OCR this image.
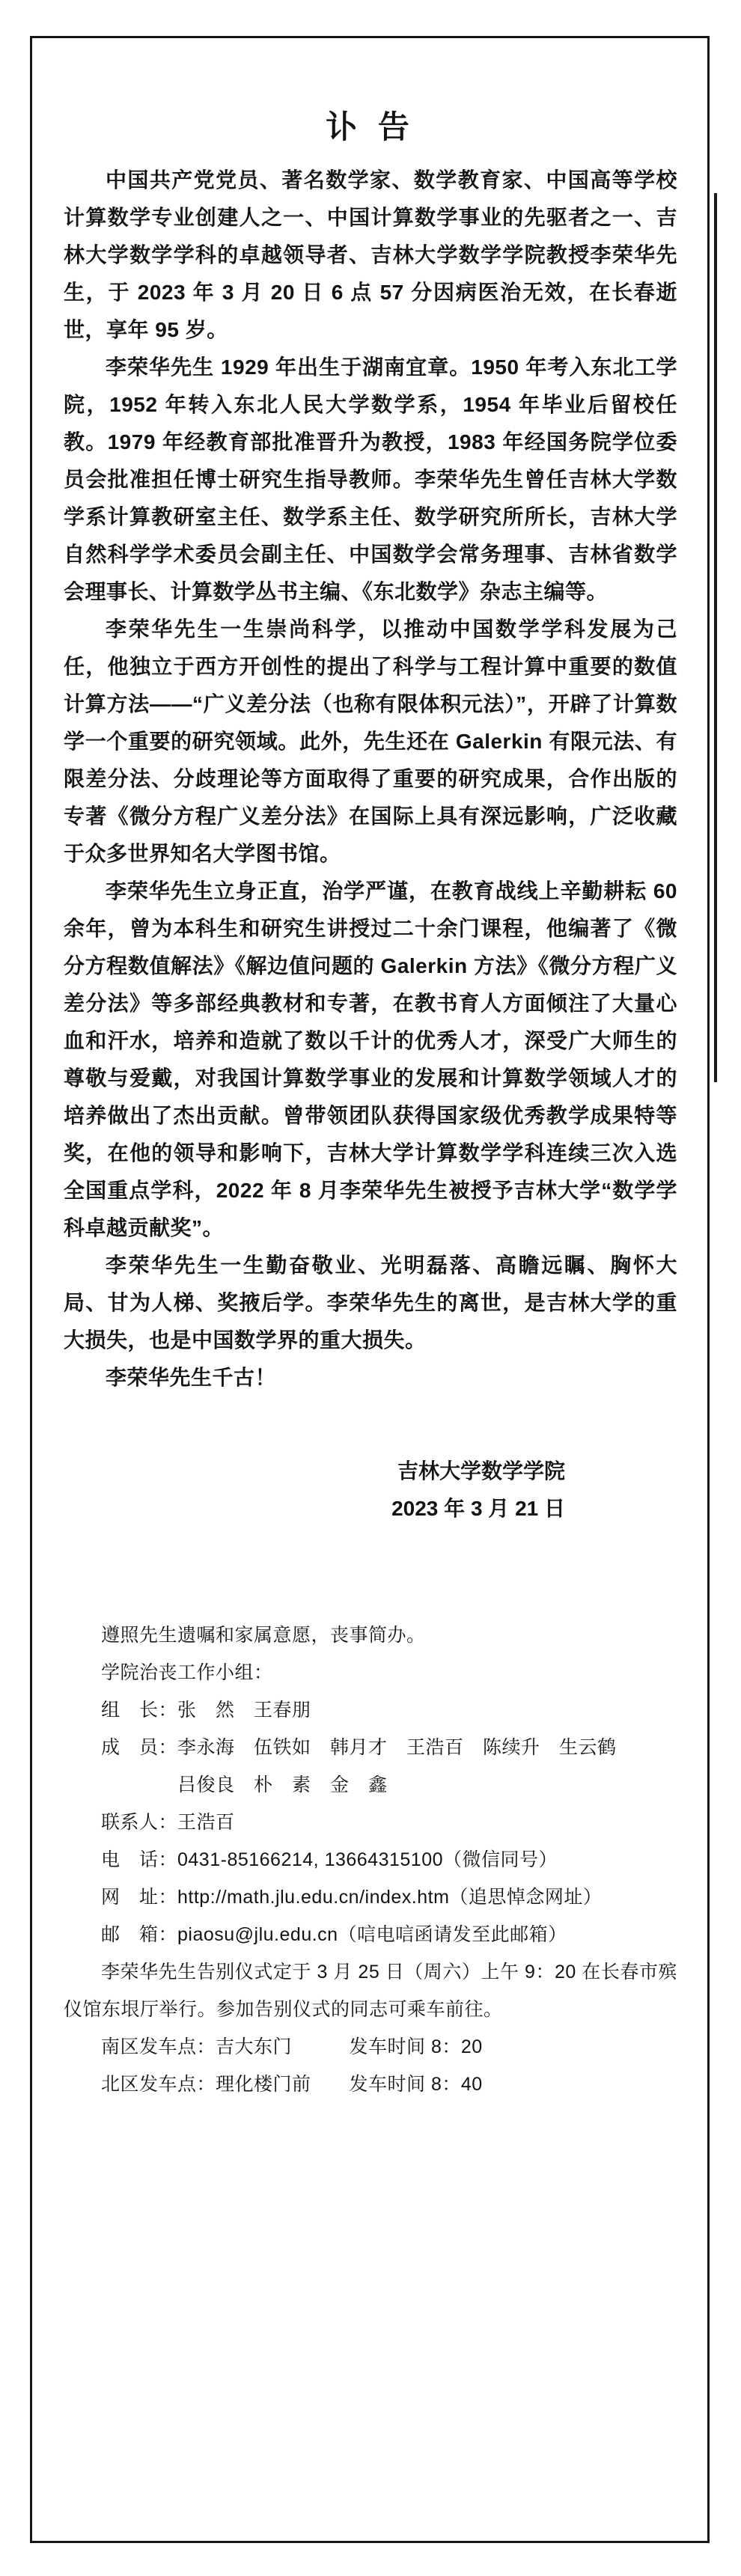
讣 告

中国共产党党员、著名数学家、数学教育家、中国高等学校计算数学专业创建人之一、中国计算数学事业的先驱者之一、吉林大学数学学科的卓越领导者、吉林大学数学学院教授李荣华先生，于 2023 年 3 月 20 日 6 点 57 分因病医治无效，在长春逝世，享年 95 岁。

李荣华先生 1929 年出生于湖南宜章。1950 年考入东北工学院，1952 年转入东北人民大学数学系，1954 年毕业后留校任教。1979 年经教育部批准晋升为教授，1983 年经国务院学位委员会批准担任博士研究生指导教师。李荣华先生曾任吉林大学数学系计算教研室主任、数学系主任、数学研究所所长，吉林大学自然科学学术委员会副主任、中国数学会常务理事、吉林省数学会理事长、计算数学丛书主编、《东北数学》杂志主编等。

李荣华先生一生崇尚科学，以推动中国数学学科发展为己任，他独立于西方开创性的提出了科学与工程计算中重要的数值计算方法——“广义差分法（也称有限体积元法）”，开辟了计算数学一个重要的研究领域。此外，先生还在 Galerkin 有限元法、有限差分法、分歧理论等方面取得了重要的研究成果，合作出版的专著《微分方程广义差分法》在国际上具有深远影响，广泛收藏于众多世界知名大学图书馆。

李荣华先生立身正直，治学严谨，在教育战线上辛勤耕耘 60 余年，曾为本科生和研究生讲授过二十余门课程，他编著了《微分方程数值解法》《解边值问题的 Galerkin 方法》《微分方程广义差分法》等多部经典教材和专著，在教书育人方面倾注了大量心血和汗水，培养和造就了数以千计的优秀人才，深受广大师生的尊敬与爱戴，对我国计算数学事业的发展和计算数学领域人才的培养做出了杰出贡献。曾带领团队获得国家级优秀教学成果特等奖，在他的领导和影响下，吉林大学计算数学学科连续三次入选全国重点学科，2022 年 8 月李荣华先生被授予吉林大学“数学学科卓越贡献奖”。

李荣华先生一生勤奋敬业、光明磊落、高瞻远瞩、胸怀大局、甘为人梯、奖掖后学。李荣华先生的离世，是吉林大学的重大损失，也是中国数学界的重大损失。

李荣华先生千古！

吉林大学数学学院
2023 年 3 月 21 日
遵照先生遗嘱和家属意愿，丧事简办。
学院治丧工作小组：
组　长：张　然　王春朋
成　员：李永海　伍铁如　韩月才　王浩百　陈续升　生云鹤
　　　　吕俊良　朴　素　金　鑫
联系人：王浩百
电　话：0431-85166214, 13664315100（微信同号）
网　址：http://math.jlu.edu.cn/index.htm（追思悼念网址）
邮　箱：piaosu@jlu.edu.cn（唁电唁函请发至此邮箱）
李荣华先生告别仪式定于 3 月 25 日（周六）上午 9：20 在长春市殡仪馆东垠厅举行。参加告别仪式的同志可乘车前往。
南区发车点：吉大东门　　　发车时间 8：20
北区发车点：理化楼门前　　发车时间 8：40
